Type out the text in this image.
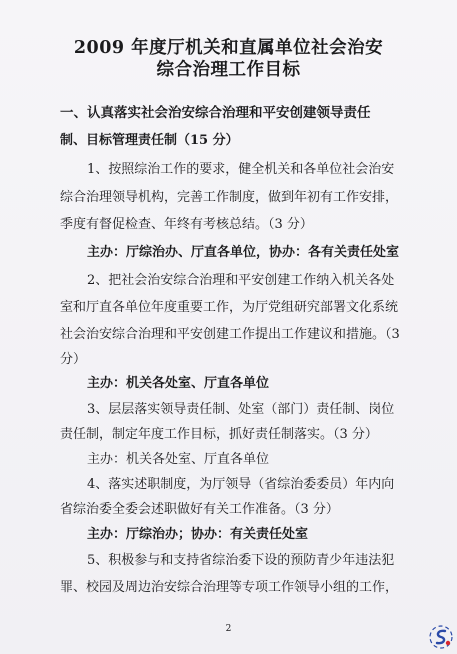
2009 年度厅机关和直属单位社会治安
综合治理工作目标
一、认真落实社会治安综合治理和平安创建领导责任
制、目标管理责任制（15 分）
1、按照综治工作的要求，健全机关和各单位社会治安
综合治理领导机构，完善工作制度，做到年初有工作安排，
季度有督促检查、年终有考核总结。（3 分）
主办：厅综治办、厅直各单位，协办：各有关责任处室
2、把社会治安综合治理和平安创建工作纳入机关各处
室和厅直各单位年度重要工作，为厅党组研究部署文化系统
社会治安综合治理和平安创建工作提出工作建议和措施。（3
分）
主办：机关各处室、厅直各单位
3、层层落实领导责任制、处室（部门）责任制、岗位
责任制，制定年度工作目标，抓好责任制落实。（3 分）
主办：机关各处室、厅直各单位
4、落实述职制度，为厅领导（省综治委委员）年内向
省综治委全委会述职做好有关工作准备。（3 分）
主办：厅综治办；协办：有关责任处室
5、积极参与和支持省综治委下设的预防青少年违法犯
罪、校园及周边治安综合治理等专项工作领导小组的工作，
2
